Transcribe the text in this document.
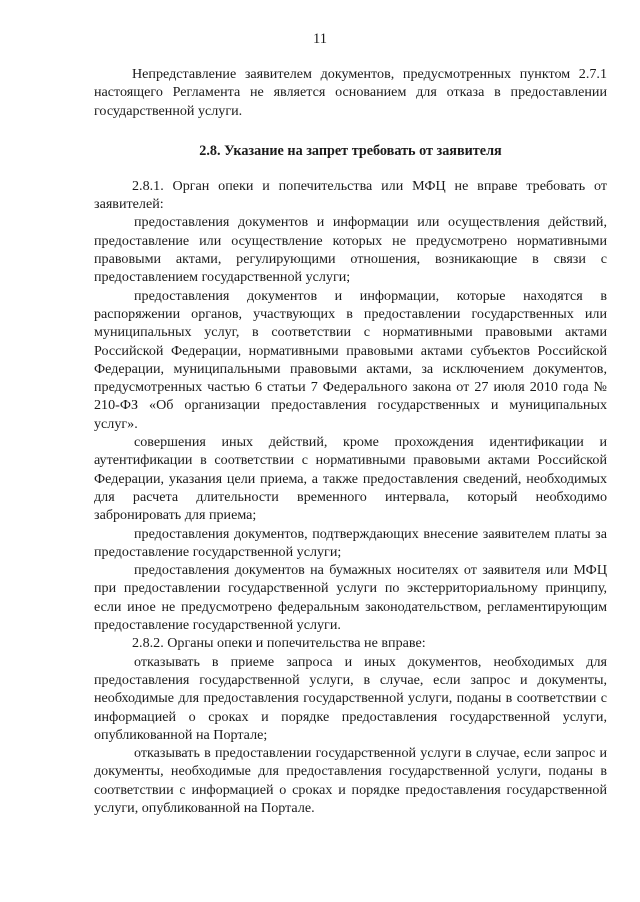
11

Непредставление заявителем документов, предусмотренных пунктом 2.7.1 настоящего Регламента не является основанием для отказа в предоставлении государственной услуги.

2.8. Указание на запрет требовать от заявителя

2.8.1. Орган опеки и попечительства или МФЦ не вправе требовать от заявителей:

предоставления документов и информации или осуществления действий, предоставление или осуществление которых не предусмотрено нормативными правовыми актами, регулирующими отношения, возникающие в связи с предоставлением государственной услуги;

предоставления документов и информации, которые находятся в распоряжении органов, участвующих в предоставлении государственных или муниципальных услуг, в соответствии с нормативными правовыми актами Российской Федерации, нормативными правовыми актами субъектов Российской Федерации, муниципальными правовыми актами, за исключением документов, предусмотренных частью 6 статьи 7 Федерального закона от 27 июля 2010 года № 210-ФЗ «Об организации предоставления государственных и муниципальных услуг».

совершения иных действий, кроме прохождения идентификации и аутентификации в соответствии с нормативными правовыми актами Российской Федерации, указания цели приема, а также предоставления сведений, необходимых для расчета длительности временного интервала, который необходимо забронировать для приема;

предоставления документов, подтверждающих внесение заявителем платы за предоставление государственной услуги;

предоставления документов на бумажных носителях от заявителя или МФЦ при предоставлении государственной услуги по экстерриториальному принципу, если иное не предусмотрено федеральным законодательством, регламентирующим предоставление государственной услуги.

2.8.2. Органы опеки и попечительства не вправе:

отказывать в приеме запроса и иных документов, необходимых для предоставления государственной услуги, в случае, если запрос и документы, необходимые для предоставления государственной услуги, поданы в соответствии с информацией о сроках и порядке предоставления государственной услуги, опубликованной на Портале;

отказывать в предоставлении государственной услуги в случае, если запрос и документы, необходимые для предоставления государственной услуги, поданы в соответствии с информацией о сроках и порядке предоставления государственной услуги, опубликованной на Портале.
